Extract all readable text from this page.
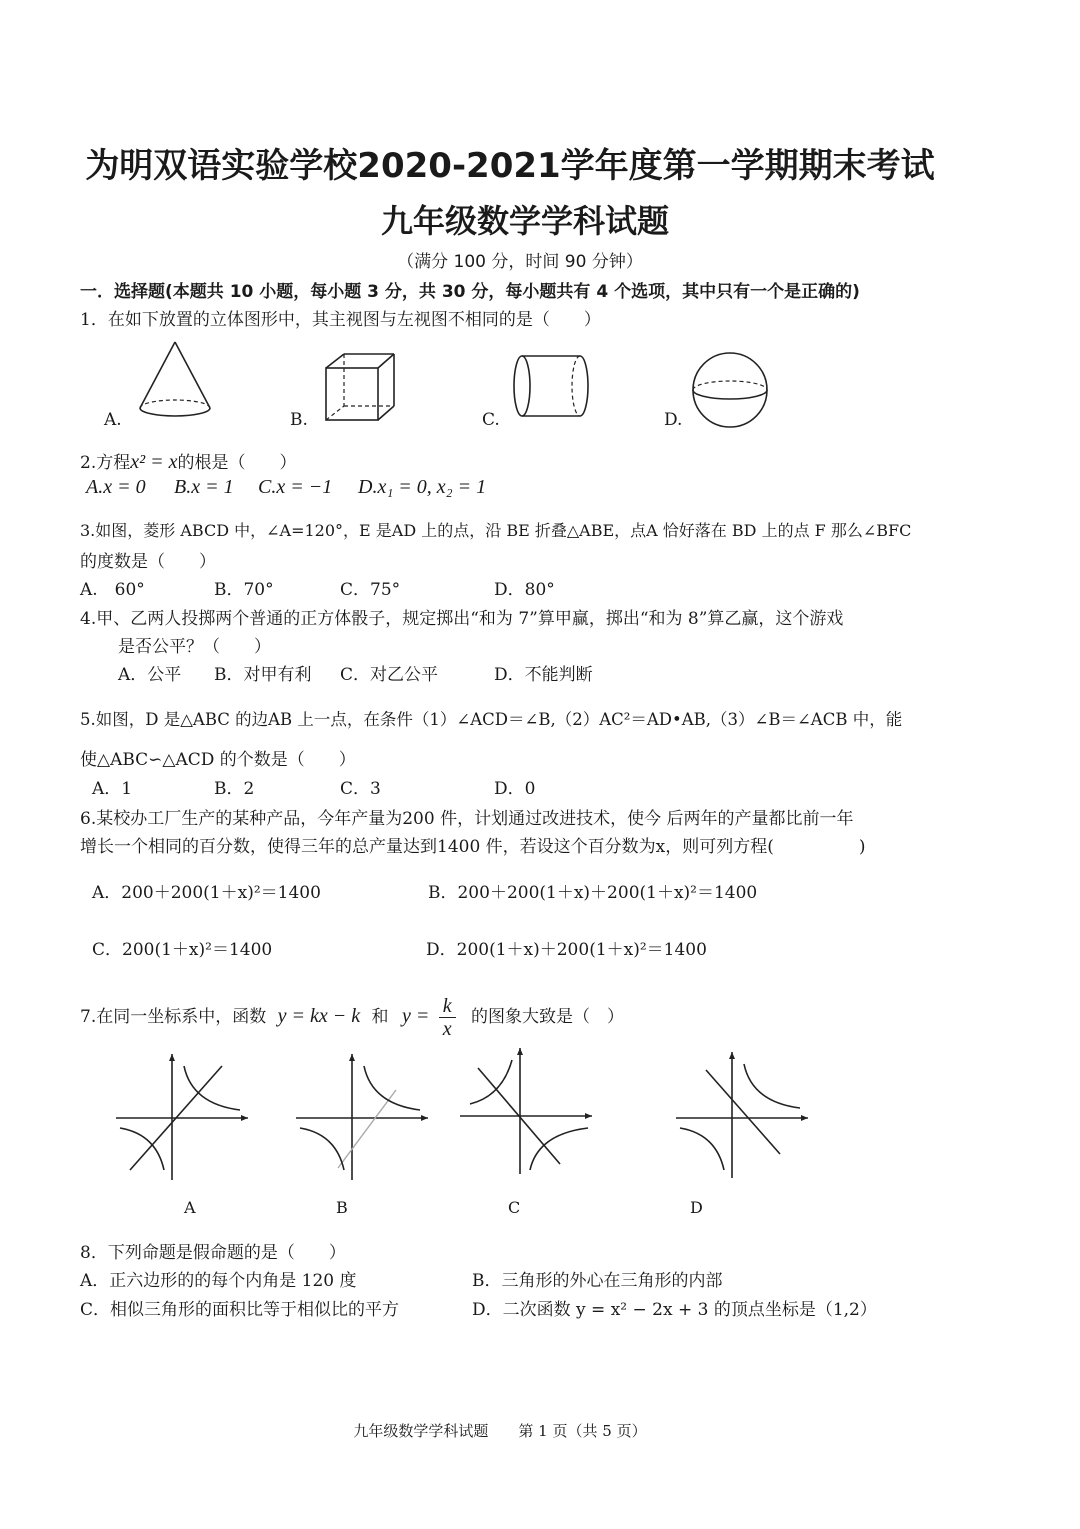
为明双语实验学校2020-2021学年度第一学期期末考试
九年级数学学科试题
（满分 100 分，时间 90 分钟）
一．选择题(本题共 10 小题，每小题 3 分，共 30 分，每小题共有 4 个选项，其中只有一个是正确的)
1．在如下放置的立体图形中，其主视图与左视图不相同的是（　　）
A.	B.	C.	D.
2.方程x² = x的根是（　　）
A.x = 0 B.x = 1 C.x = −1 D.x₁ = 0, x₂ = 1
3.如图，菱形 ABCD 中，∠A=120°，E 是AD 上的点，沿 BE 折叠△ABE，点A 恰好落在 BD 上的点 F 那么∠BFC
的度数是（　　）
A.　60°	B．70°	C．75°	D．80°
4.甲、乙两人投掷两个普通的正方体骰子，规定掷出“和为 7”算甲赢，掷出“和为 8”算乙赢，这个游戏
是否公平？（　　）
A．公平 B．对甲有利 C．对乙公平	D．不能判断
5.如图，D 是△ABC 的边AB 上一点，在条件（1）∠ACD＝∠B,（2）AC²＝AD•AB,（3）∠B＝∠ACB 中，能
使△ABC∽△ACD 的个数是（　　）
A．1	B．2	C．3	D．0
6.某校办工厂生产的某种产品，今年产量为200 件，计划通过改进技术，使今 后两年的产量都比前一年
增长一个相同的百分数，使得三年的总产量达到1400 件，若设这个百分数为x，则可列方程(　　　　　)
A．200＋200(1＋x)²＝1400	B．200＋200(1＋x)＋200(1＋x)²＝1400
C．200(1＋x)²＝1400	D．200(1＋x)＋200(1＋x)²＝1400
7.在同一坐标系中，函数 y = kx − k 和 $y = \frac{k}{x}$ 的图象大致是（　）
A	B	C	D
8．下列命题是假命题的是（　　）
A．正六边形的的每个内角是 120 度	B．三角形的外心在三角形的内部
C．相似三角形的面积比等于相似比的平方	D．二次函数 y = x² − 2x + 3 的顶点坐标是（1,2）
九年级数学学科试题　　第 1 页（共 5 页）
